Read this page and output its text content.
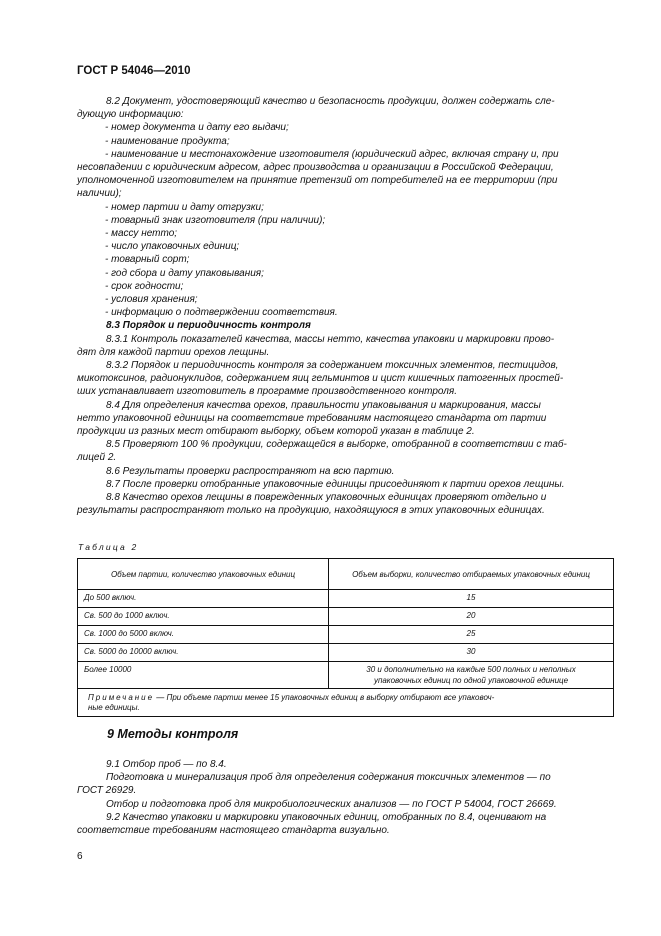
ГОСТ Р 54046—2010

8.2 Документ, удостоверяющий качество и безопасность продукции, должен содержать сле-

дующую информацию:

- номер документа и дату его выдачи;

- наименование продукта;

- наименование и местонахождение изготовителя (юридический адрес, включая страну и, при

несовпадении с юридическим адресом, адрес производства и организации в Российской Федерации,

уполномоченной изготовителем на принятие претензий от потребителей на ее территории (при

наличии);

- номер партии и дату отгрузки;

- товарный знак изготовителя (при наличии);

- массу нетто;

- число упаковочных единиц;

- товарный сорт;

- год сбора и дату упаковывания;

- срок годности;

- условия хранения;

- информацию о подтверждении соответствия.

8.3 Порядок и периодичность контроля

8.3.1 Контроль показателей качества, массы нетто, качества упаковки и маркировки прово-

дят для каждой партии орехов лещины.

8.3.2 Порядок и периодичность контроля за содержанием токсичных элементов, пестицидов,

микотоксинов, радионуклидов, содержанием яиц гельминтов и цист кишечных патогенных простей-

ших устанавливает изготовитель в программе производственного контроля.

8.4 Для определения качества орехов, правильности упаковывания и маркирования, массы

нетто упаковочной единицы на соответствие требованиям настоящего стандарта от партии

продукции из разных мест отбирают выборку, объем которой указан в таблице 2.

8.5 Проверяют 100 % продукции, содержащейся в выборке, отобранной в соответствии с таб-

лицей 2.

8.6 Результаты проверки распространяют на всю партию.

8.7 После проверки отобранные упаковочные единицы присоединяют к партии орехов лещины.

8.8 Качество орехов лещины в поврежденных упаковочных единицах проверяют отдельно и

результаты распространяют только на продукцию, находящуюся в этих упаковочных единицах.

Таблица 2
Объем партии, количество упаковочных единиц	Объем выборки, количество отбираемых упаковочных единиц
До 500 включ.	15
Св. 500 до 1000 включ.	20
Св. 1000 до 5000 включ.	25
Св. 5000 до 10000 включ.	30
Более 10000	30 и дополнительно на каждые 500 полных и неполных
упаковочных единиц по одной упаковочной единице

Примечание — При объеме партии менее 15 упаковочных единиц в выборку отбирают все упаковоч-
ные единицы.	
9 Методы контроля

9.1 Отбор проб — по 8.4.

Подготовка и минерализация проб для определения содержания токсичных элементов — по

ГОСТ 26929.

Отбор и подготовка проб для микробиологических анализов — по ГОСТ Р 54004, ГОСТ 26669.

9.2 Качество упаковки и маркировки упаковочных единиц, отобранных по 8.4, оценивают на

соответствие требованиям настоящего стандарта визуально.

6
